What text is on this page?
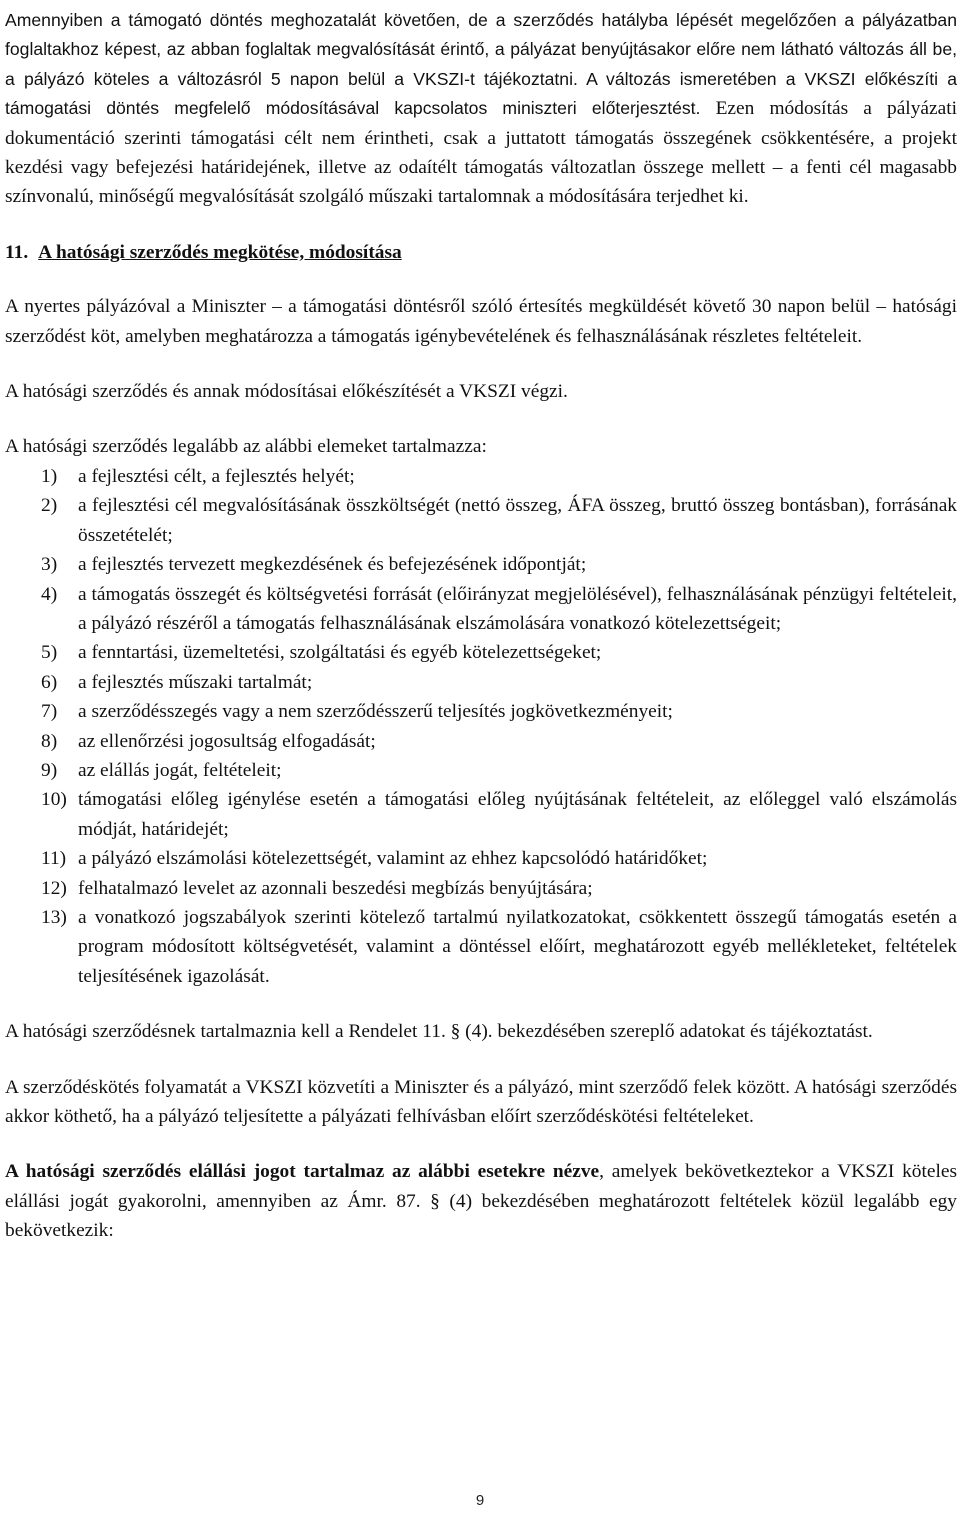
Amennyiben a támogató döntés meghozatalát követően, de a szerződés hatályba lépését megelőzően a pályázatban foglaltakhoz képest, az abban foglaltak megvalósítását érintő, a pályázat benyújtásakor előre nem látható változás áll be, a pályázó köteles a változásról 5 napon belül a VKSZI-t tájékoztatni. A változás ismeretében a VKSZI előkészíti a támogatási döntés megfelelő módosításával kapcsolatos miniszteri előterjesztést. Ezen módosítás a pályázati dokumentáció szerinti támogatási célt nem érintheti, csak a juttatott támogatás összegének csökkentésére, a projekt kezdési vagy befejezési határidejének, illetve az odaítélt támogatás változatlan összege mellett – a fenti cél magasabb színvonalú, minőségű megvalósítását szolgáló műszaki tartalomnak a módosítására terjedhet ki.

11. A hatósági szerződés megkötése, módosítása

A nyertes pályázóval a Miniszter – a támogatási döntésről szóló értesítés megküldését követő 30 napon belül – hatósági szerződést köt, amelyben meghatározza a támogatás igénybevételének és felhasználásának részletes feltételeit.

A hatósági szerződés és annak módosításai előkészítését a VKSZI végzi.

A hatósági szerződés legalább az alábbi elemeket tartalmazza:

1) a fejlesztési célt, a fejlesztés helyét;
2) a fejlesztési cél megvalósításának összköltségét (nettó összeg, ÁFA összeg, bruttó összeg bontásban), forrásának összetételét;
3) a fejlesztés tervezett megkezdésének és befejezésének időpontját;
4) a támogatás összegét és költségvetési forrását (előirányzat megjelölésével), felhasználásának pénzügyi feltételeit, a pályázó részéről a támogatás felhasználásának elszámolására vonatkozó kötelezettségeit;
5) a fenntartási, üzemeltetési, szolgáltatási és egyéb kötelezettségeket;
6) a fejlesztés műszaki tartalmát;
7) a szerződésszegés vagy a nem szerződésszerű teljesítés jogkövetkezményeit;
8) az ellenőrzési jogosultság elfogadását;
9) az elállás jogát, feltételeit;
10) támogatási előleg igénylése esetén a támogatási előleg nyújtásának feltételeit, az előleggel való elszámolás módját, határidejét;
11) a pályázó elszámolási kötelezettségét, valamint az ehhez kapcsolódó határidőket;
12) felhatalmazó levelet az azonnali beszedési megbízás benyújtására;
13) a vonatkozó jogszabályok szerinti kötelező tartalmú nyilatkozatokat, csökkentett összegű támogatás esetén a program módosított költségvetését, valamint a döntéssel előírt, meghatározott egyéb mellékleteket, feltételek teljesítésének igazolását.

A hatósági szerződésnek tartalmaznia kell a Rendelet 11. § (4). bekezdésében szereplő adatokat és tájékoztatást.

A szerződéskötés folyamatát a VKSZI közvetíti a Miniszter és a pályázó, mint szerződő felek között. A hatósági szerződés akkor köthető, ha a pályázó teljesítette a pályázati felhívásban előírt szerződéskötési feltételeket.

A hatósági szerződés elállási jogot tartalmaz az alábbi esetekre nézve, amelyek bekövetkeztekor a VKSZI köteles elállási jogát gyakorolni, amennyiben az Ámr. 87. § (4) bekezdésében meghatározott feltételek közül legalább egy bekövetkezik:

9
